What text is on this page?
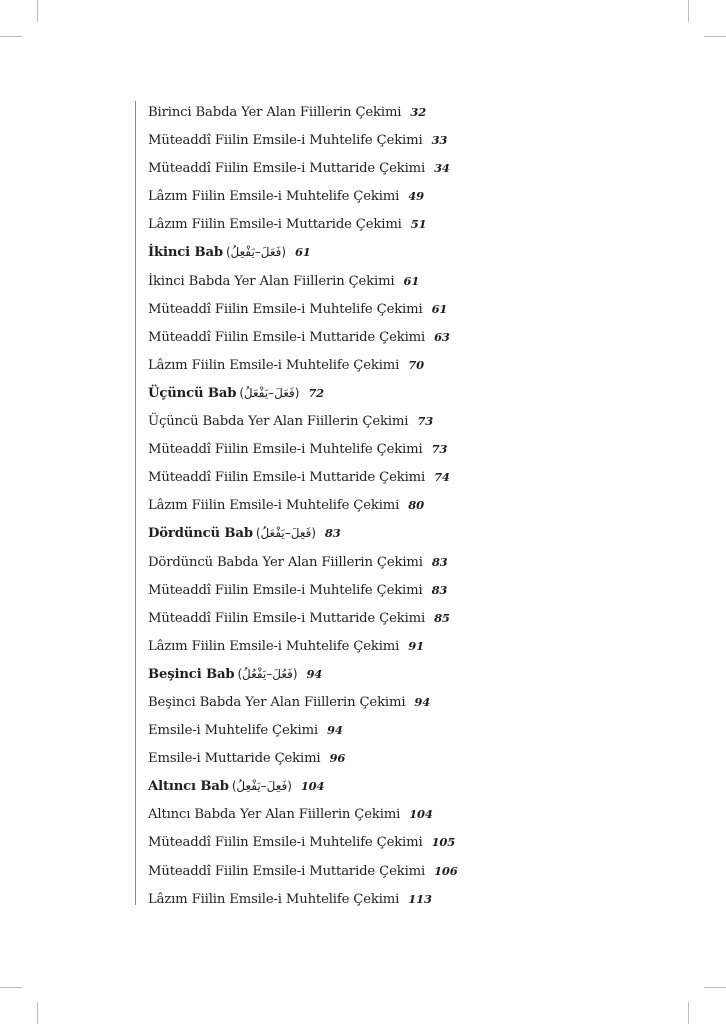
Birinci Babda Yer Alan Fiillerin Çekimi 32
Müteaddî Fiilin Emsile-i Muhtelife Çekimi 33
Müteaddî Fiilin Emsile-i Muttaride Çekimi 34
Lâzım Fiilin Emsile-i Muhtelife Çekimi 49
Lâzım Fiilin Emsile-i Muttaride Çekimi 51
İkinci Bab (فَعَلَ–يَفْعِلُ) 61
İkinci Babda Yer Alan Fiillerin Çekimi 61
Müteaddî Fiilin Emsile-i Muhtelife Çekimi 61
Müteaddî Fiilin Emsile-i Muttaride Çekimi 63
Lâzım Fiilin Emsile-i Muhtelife Çekimi 70
Üçüncü Bab (فَعَلَ–يَفْعَلُ) 72
Üçüncü Babda Yer Alan Fiillerin Çekimi 73
Müteaddî Fiilin Emsile-i Muhtelife Çekimi 73
Müteaddî Fiilin Emsile-i Muttaride Çekimi 74
Lâzım Fiilin Emsile-i Muhtelife Çekimi 80
Dördüncü Bab (فَعِلَ–يَفْعَلُ) 83
Dördüncü Babda Yer Alan Fiillerin Çekimi 83
Müteaddî Fiilin Emsile-i Muhtelife Çekimi 83
Müteaddî Fiilin Emsile-i Muttaride Çekimi 85
Lâzım Fiilin Emsile-i Muhtelife Çekimi 91
Beşinci Bab (فَعُلَ–يَفْعُلُ) 94
Beşinci Babda Yer Alan Fiillerin Çekimi 94
Emsile-i Muhtelife Çekimi 94
Emsile-i Muttaride Çekimi 96
Altıncı Bab (فَعِلَ–يَفْعِلُ) 104
Altıncı Babda Yer Alan Fiillerin Çekimi 104
Müteaddî Fiilin Emsile-i Muhtelife Çekimi 105
Müteaddî Fiilin Emsile-i Muttaride Çekimi 106
Lâzım Fiilin Emsile-i Muhtelife Çekimi 113
